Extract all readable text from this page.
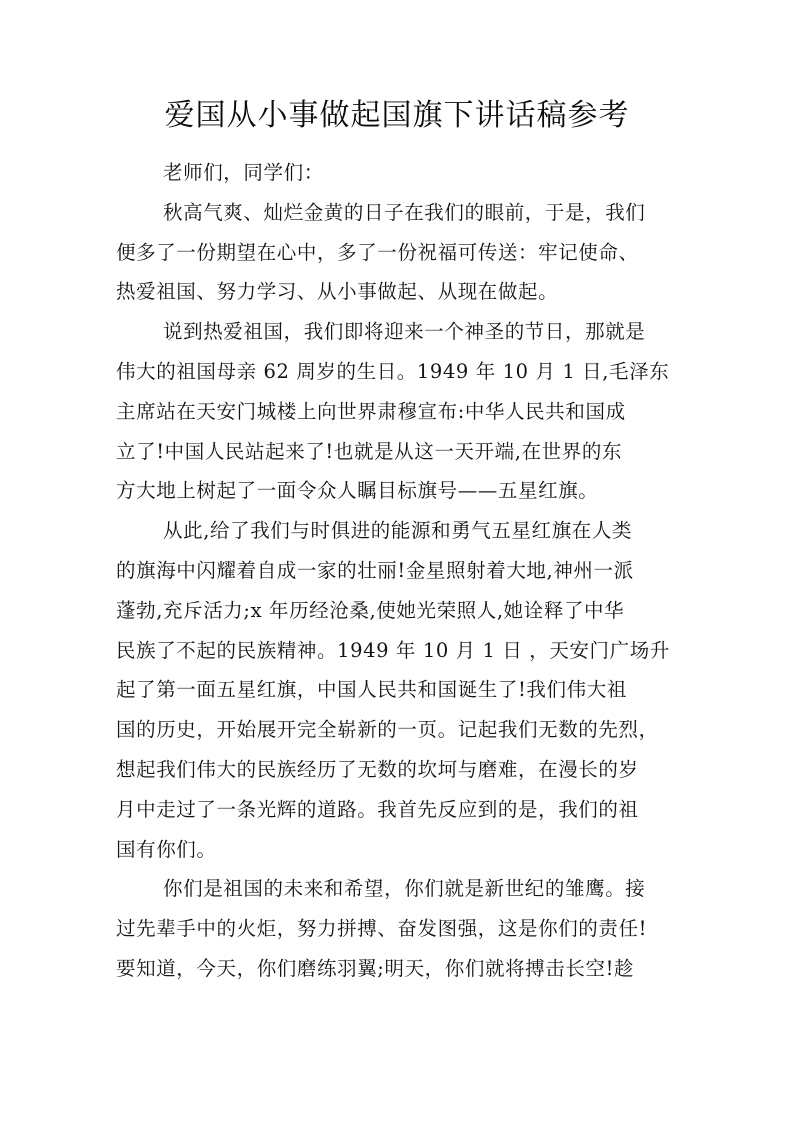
爱国从小事做起国旗下讲话稿参考
老师们，同学们：
秋高气爽、灿烂金黄的日子在我们的眼前，于是，我们
便多了一份期望在心中，多了一份祝福可传送：牢记使命、
热爱祖国、努力学习、从小事做起、从现在做起。
说到热爱祖国，我们即将迎来一个神圣的节日，那就是
伟大的祖国母亲 62 周岁的生日。1949 年 10 月 1 日,毛泽东
主席站在天安门城楼上向世界肃穆宣布:中华人民共和国成
立了!中国人民站起来了!也就是从这一天开端,在世界的东
方大地上树起了一面令众人瞩目标旗号——五星红旗。
从此,给了我们与时俱进的能源和勇气五星红旗在人类
的旗海中闪耀着自成一家的壮丽!金星照射着大地,神州一派
蓬勃,充斥活力;x 年历经沧桑,使她光荣照人,她诠释了中华
民族了不起的民族精神。1949 年 10 月 1 日 ，天安门广场升
起了第一面五星红旗，中国人民共和国诞生了!我们伟大祖
国的历史，开始展开完全崭新的一页。记起我们无数的先烈，
想起我们伟大的民族经历了无数的坎坷与磨难，在漫长的岁
月中走过了一条光辉的道路。我首先反应到的是，我们的祖
国有你们。
你们是祖国的未来和希望，你们就是新世纪的雏鹰。接
过先辈手中的火炬，努力拼搏、奋发图强，这是你们的责任!
要知道，今天，你们磨练羽翼;明天，你们就将搏击长空!趁
